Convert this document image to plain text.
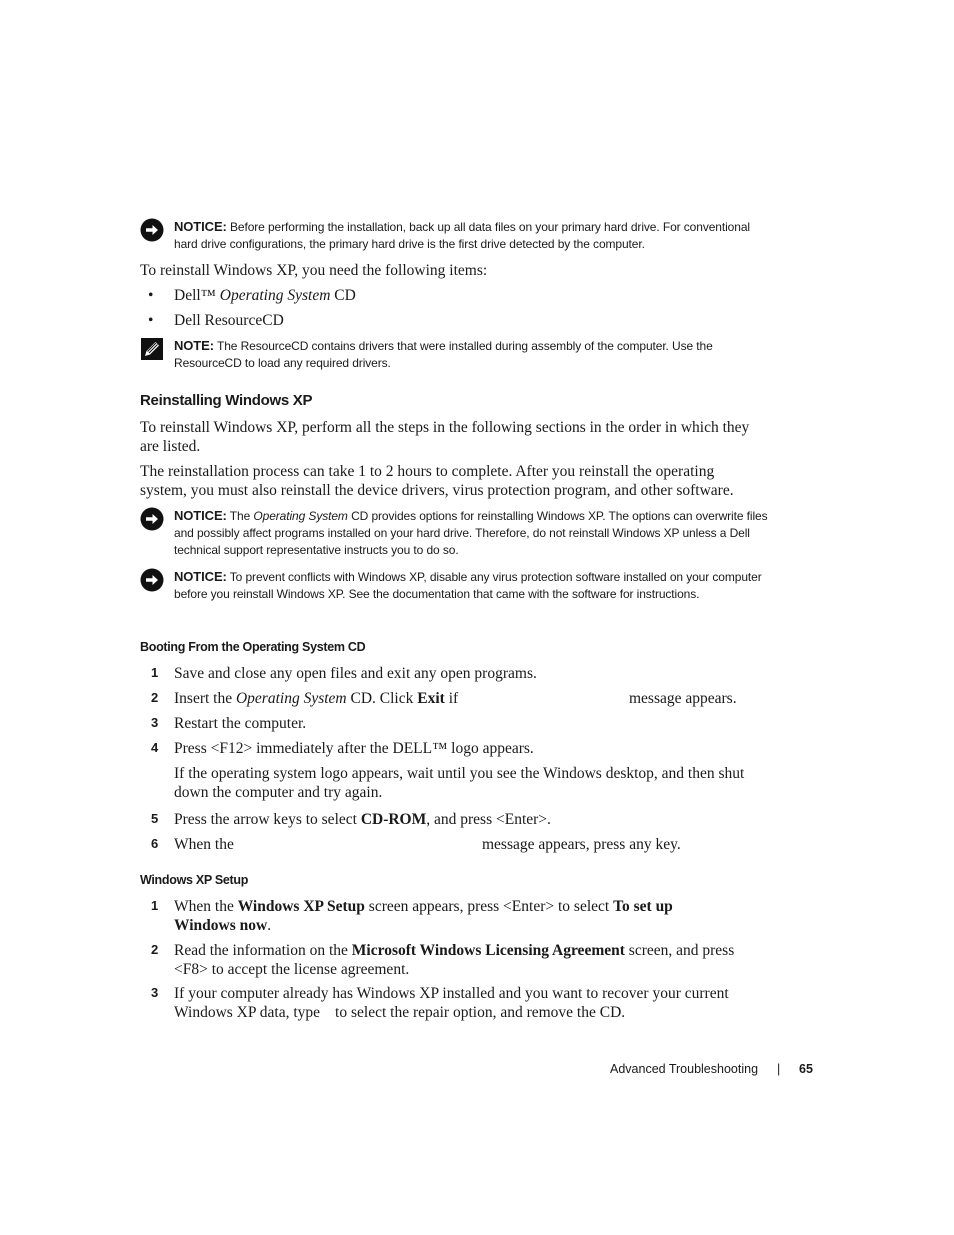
NOTICE: Before performing the installation, back up all data files on your primary hard drive. For conventional hard drive configurations, the primary hard drive is the first drive detected by the computer.
To reinstall Windows XP, you need the following items:
• Dell™ Operating System CD
• Dell ResourceCD
NOTE: The ResourceCD contains drivers that were installed during assembly of the computer. Use the ResourceCD to load any required drivers.
Reinstalling Windows XP
To reinstall Windows XP, perform all the steps in the following sections in the order in which they are listed.
The reinstallation process can take 1 to 2 hours to complete. After you reinstall the operating system, you must also reinstall the device drivers, virus protection program, and other software.
NOTICE: The Operating System CD provides options for reinstalling Windows XP. The options can overwrite files and possibly affect programs installed on your hard drive. Therefore, do not reinstall Windows XP unless a Dell technical support representative instructs you to do so.
NOTICE: To prevent conflicts with Windows XP, disable any virus protection software installed on your computer before you reinstall Windows XP. See the documentation that came with the software for instructions.
Booting From the Operating System CD
1 Save and close any open files and exit any open programs.
2 Insert the Operating System CD. Click Exit if	message appears.
3 Restart the computer.
4 Press <F12> immediately after the DELL™ logo appears.
If the operating system logo appears, wait until you see the Windows desktop, and then shut down the computer and try again.
5 Press the arrow keys to select CD-ROM, and press <Enter>.
6 When the	message appears, press any key.
Windows XP Setup
1 When the Windows XP Setup screen appears, press <Enter> to select To set up Windows now.
2 Read the information on the Microsoft Windows Licensing Agreement screen, and press <F8> to accept the license agreement.
3 If your computer already has Windows XP installed and you want to recover your current Windows XP data, type to select the repair option, and remove the CD.
Advanced Troubleshooting | 65
